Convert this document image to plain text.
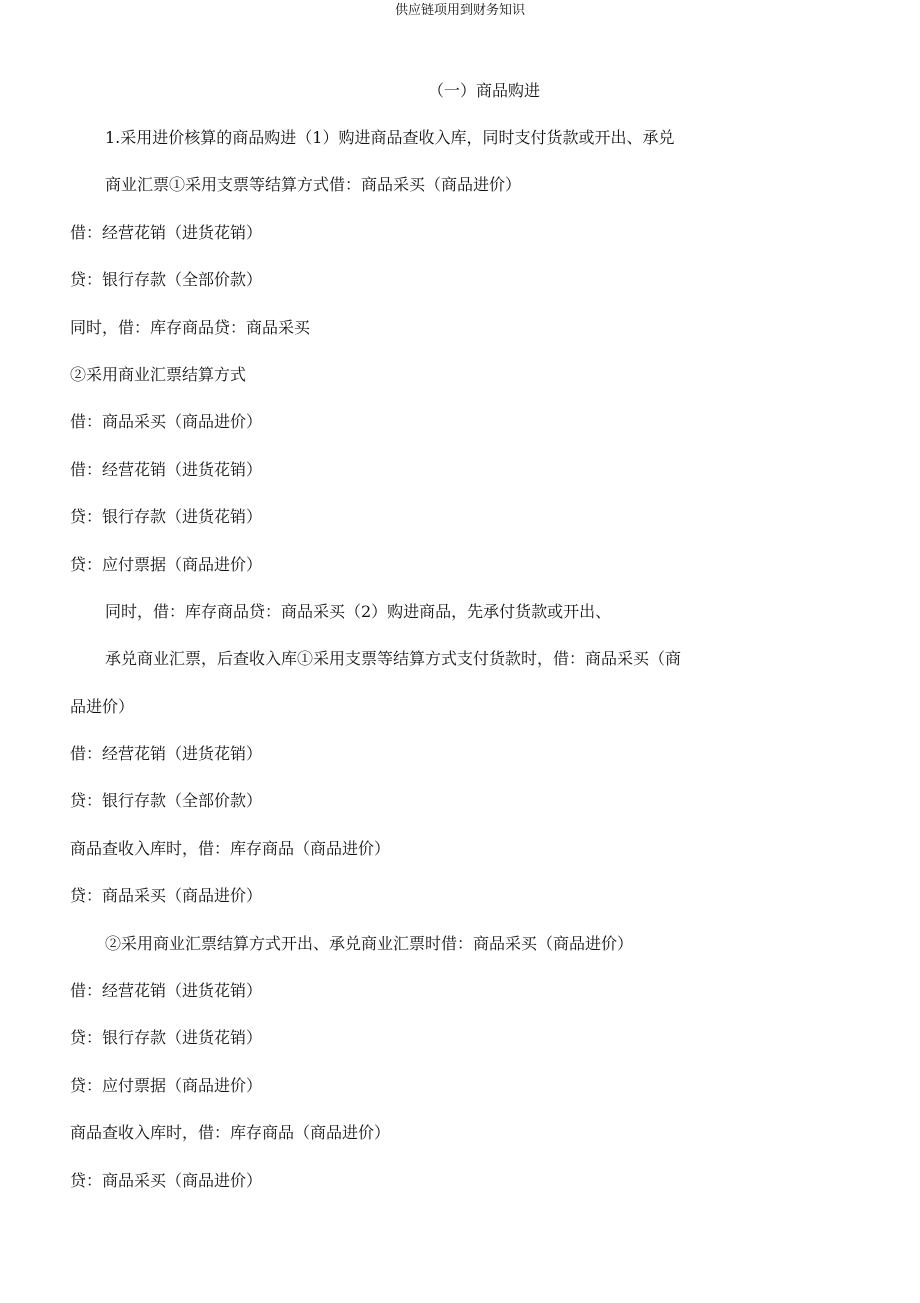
供应链项用到财务知识
（一）商品购进
1.采用进价核算的商品购进（1）购进商品查收入库，同时支付货款或开出、承兑
商业汇票①采用支票等结算方式借：商品采买（商品进价）
借：经营花销（进货花销）
贷：银行存款（全部价款）
同时，借：库存商品贷：商品采买
②采用商业汇票结算方式
借：商品采买（商品进价）
借：经营花销（进货花销）
贷：银行存款（进货花销）
贷：应付票据（商品进价）
同时，借：库存商品贷：商品采买（2）购进商品，先承付货款或开出、
承兑商业汇票，后查收入库①采用支票等结算方式支付货款时，借：商品采买（商
品进价）
借：经营花销（进货花销）
贷：银行存款（全部价款）
商品查收入库时，借：库存商品（商品进价）
贷：商品采买（商品进价）
②采用商业汇票结算方式开出、承兑商业汇票时借：商品采买（商品进价）
借：经营花销（进货花销）
贷：银行存款（进货花销）
贷：应付票据（商品进价）
商品查收入库时，借：库存商品（商品进价）
贷：商品采买（商品进价）
